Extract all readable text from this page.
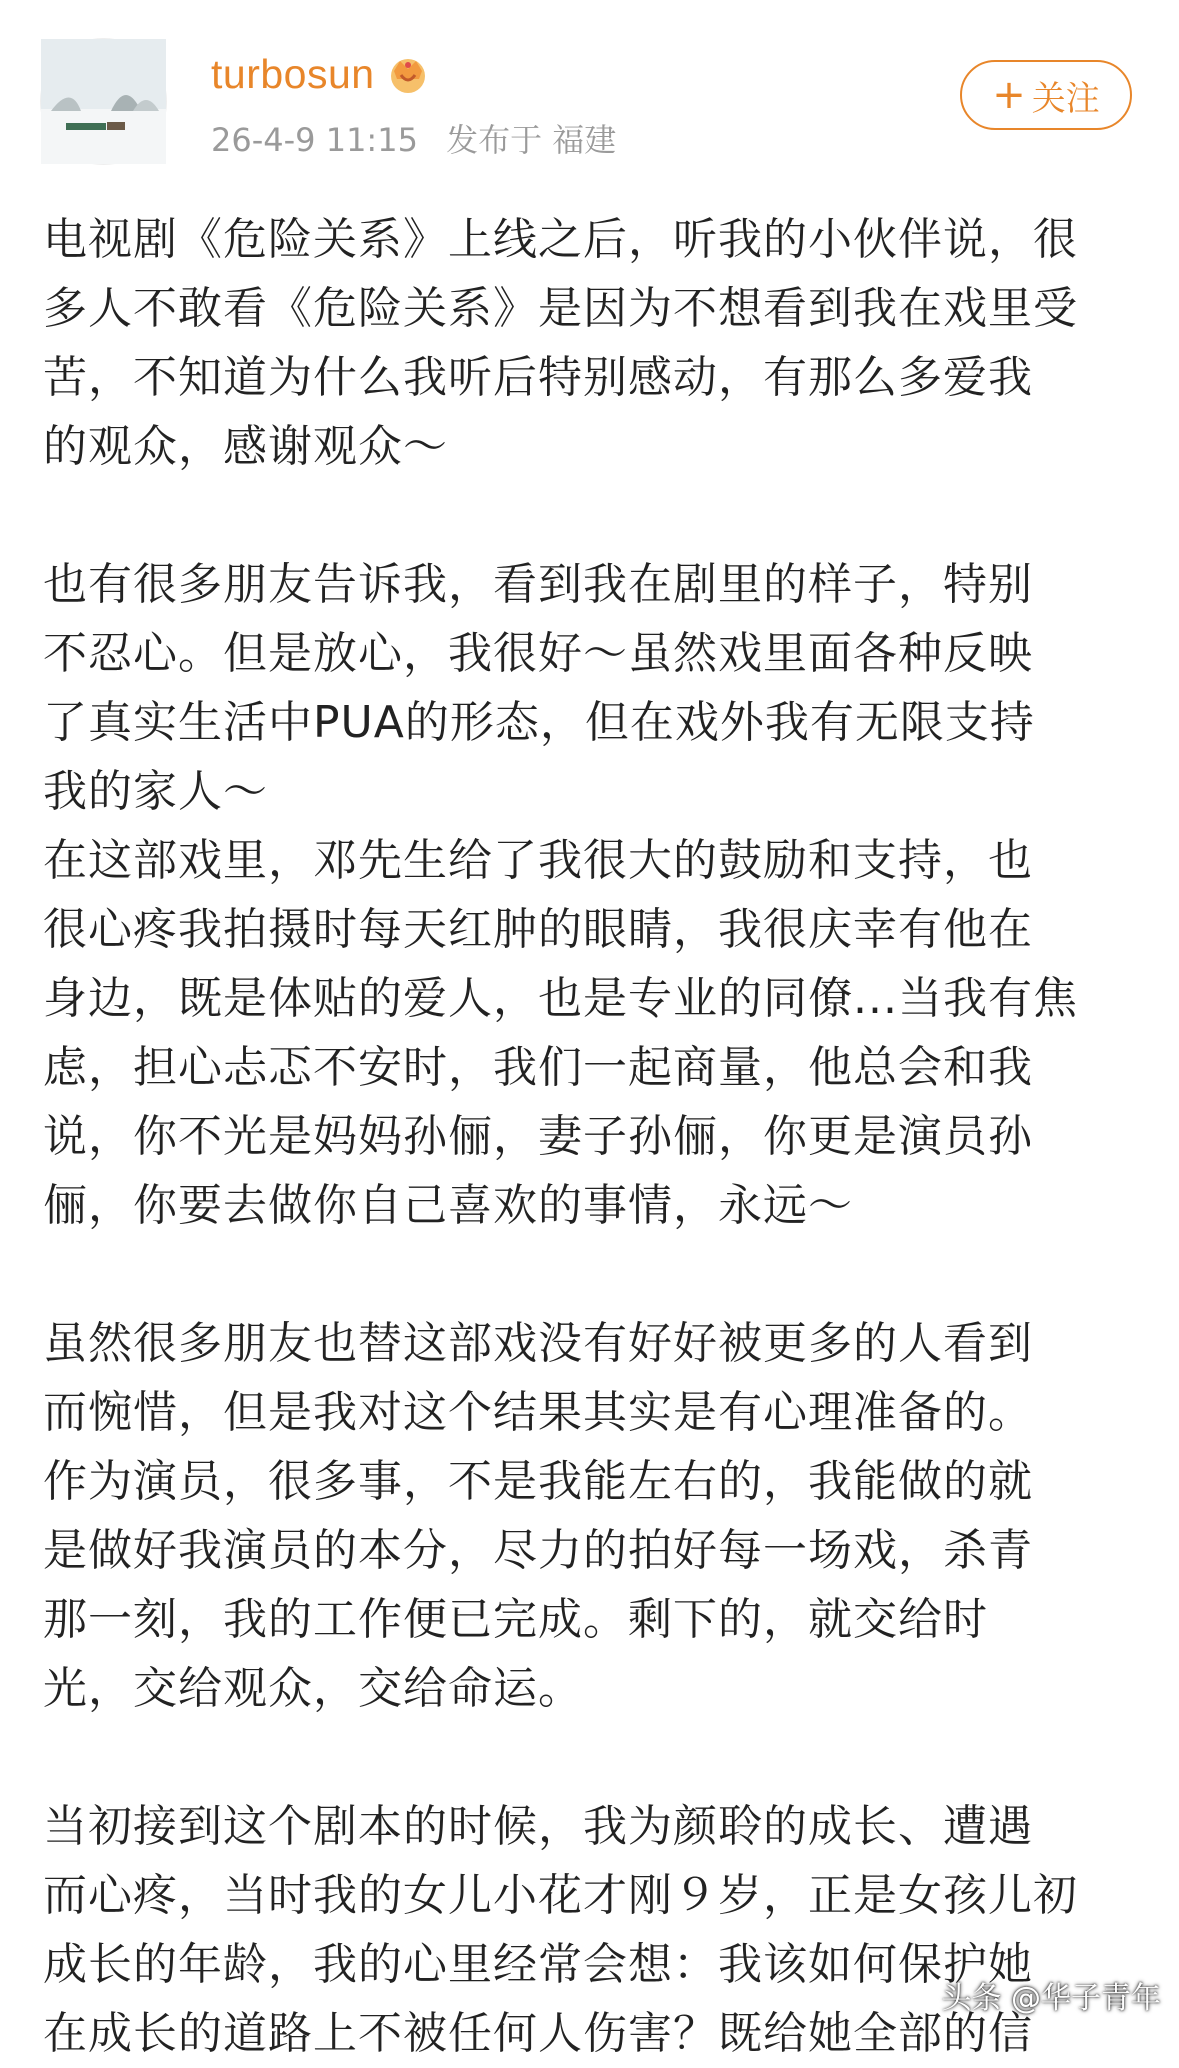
turbosun
26-4-9 11:15 发布于 福建
+ 关注

电视剧《危险关系》上线之后，听我的小伙伴说，很

多人不敢看《危险关系》是因为不想看到我在戏里受

苦，不知道为什么我听后特别感动，有那么多爱我

的观众，感谢观众～

也有很多朋友告诉我，看到我在剧里的样子，特别

不忍心。但是放心，我很好～虽然戏里面各种反映

了真实生活中PUA的形态，但在戏外我有无限支持

我的家人～

在这部戏里，邓先生给了我很大的鼓励和支持，也

很心疼我拍摄时每天红肿的眼睛，我很庆幸有他在

身边，既是体贴的爱人，也是专业的同僚...当我有焦

虑，担心忐忑不安时，我们一起商量，他总会和我

说，你不光是妈妈孙俪，妻子孙俪，你更是演员孙

俪，你要去做你自己喜欢的事情，永远～

虽然很多朋友也替这部戏没有好好被更多的人看到

而惋惜，但是我对这个结果其实是有心理准备的。

作为演员，很多事，不是我能左右的，我能做的就

是做好我演员的本分，尽力的拍好每一场戏，杀青

那一刻，我的工作便已完成。剩下的，就交给时

光，交给观众，交给命运。

当初接到这个剧本的时候，我为颜聆的成长、遭遇

而心疼，当时我的女儿小花才刚９岁，正是女孩儿初

成长的年龄，我的心里经常会想：我该如何保护她

在成长的道路上不被任何人伤害？既给她全部的信

头条 @华子青年
